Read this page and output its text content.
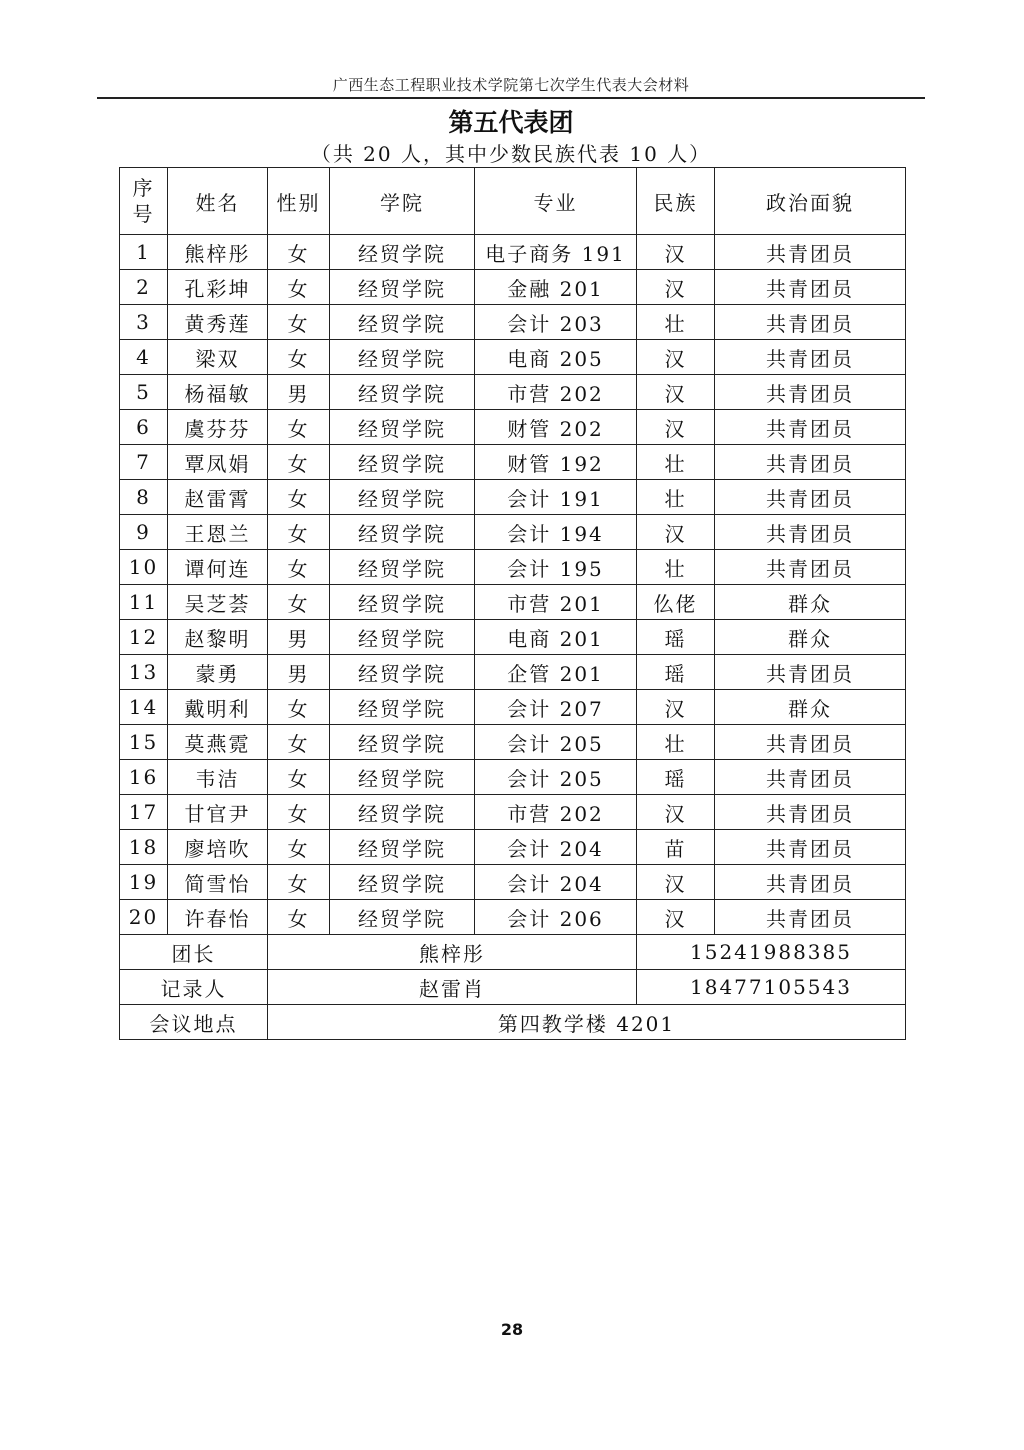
广西生态工程职业技术学院第七次学生代表大会材料
第五代表团
（共 20 人，其中少数民族代表 10 人）
序
号	姓名	性别	学院	专业	民族	政治面貌
1	熊梓彤	女	经贸学院	电子商务 191	汉	共青团员
2	孔彩坤	女	经贸学院	金融 201	汉	共青团员
3	黄秀莲	女	经贸学院	会计 203	壮	共青团员
4	梁双	女	经贸学院	电商 205	汉	共青团员
5	杨福敏	男	经贸学院	市营 202	汉	共青团员
6	虞芬芬	女	经贸学院	财管 202	汉	共青团员
7	覃凤娟	女	经贸学院	财管 192	壮	共青团员
8	赵雷霄	女	经贸学院	会计 191	壮	共青团员
9	王恩兰	女	经贸学院	会计 194	汉	共青团员
10	谭何连	女	经贸学院	会计 195	壮	共青团员
11	吴芝荟	女	经贸学院	市营 201	仫佬	群众
12	赵黎明	男	经贸学院	电商 201	瑶	群众
13	蒙勇	男	经贸学院	企管 201	瑶	共青团员
14	戴明利	女	经贸学院	会计 207	汉	群众
15	莫燕霓	女	经贸学院	会计 205	壮	共青团员
16	韦洁	女	经贸学院	会计 205	瑶	共青团员
17	甘官尹	女	经贸学院	市营 202	汉	共青团员
18	廖培吹	女	经贸学院	会计 204	苗	共青团员
19	简雪怡	女	经贸学院	会计 204	汉	共青团员
20	许春怡	女	经贸学院	会计 206	汉	共青团员
团长		熊梓彤			15241988385	
记录人		赵雷肖			18477105543	
会议地点		第四教学楼 4201				
28
